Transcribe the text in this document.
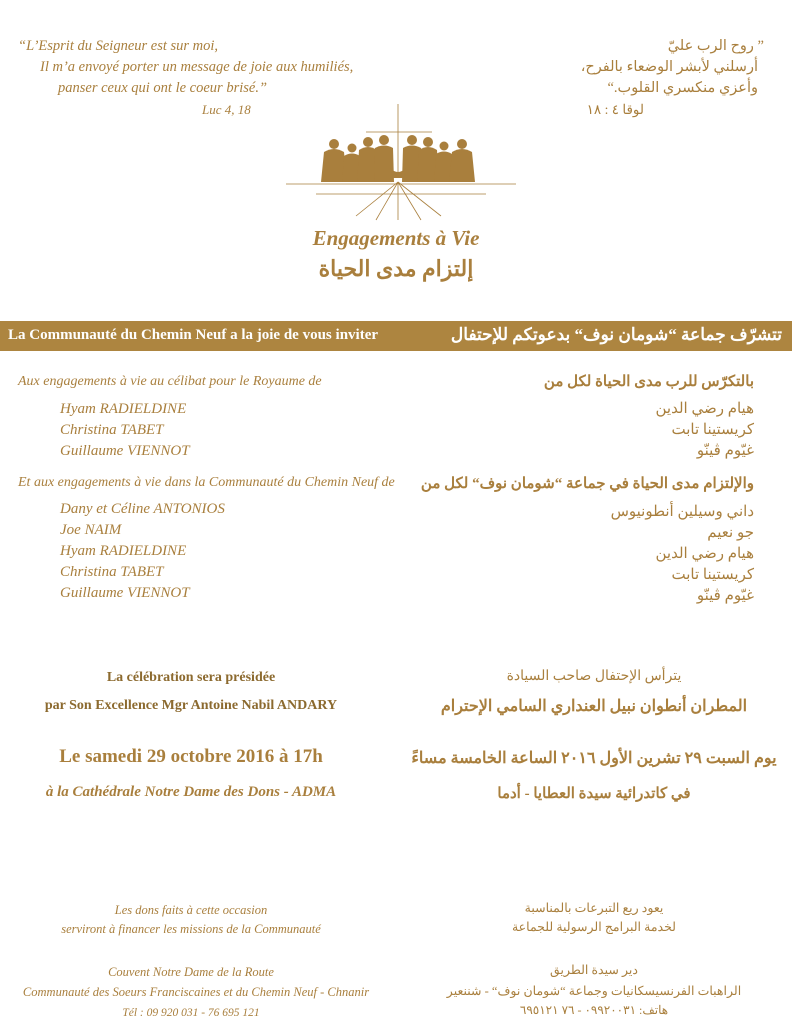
“L’Esprit du Seigneur est sur moi,
Il m’a envoyé porter un message de joie aux humiliés,
panser ceux qui ont le coeur brisé.”
Luc 4, 18
” روح الرب عليّ
أرسلني لأبشر الوضعاء بالفرح،
وأعزي منكسري القلوب.“
لوقا ٤ : ١٨
Engagements à Vie
إلتزام مدى الحياة
La Communauté du Chemin Neuf a la joie de vous inviter	تتشرّف جماعة “شومان نوف“ بدعوتكم للإحتفال
Aux engagements à vie au célibat pour le Royaume de
Hyam RADIELDINE
Christina TABET
Guillaume VIENNOT
بالتكرّس للرب مدى الحياة لكل من
هيام رضي الدين
كريستينا تابت
غيّوم ڤينّو
Et aux engagements à vie dans la Communauté du Chemin Neuf de
Dany et Céline ANTONIOS
Joe NAIM
Hyam RADIELDINE
Christina TABET
Guillaume VIENNOT
والإلتزام مدى الحياة في جماعة “شومان نوف“ لكل من
داني وسيلين أنطونيوس
جو نعيم
هيام رضي الدين
كريستينا تابت
غيّوم ڤينّو
La célébration sera présidée
par Son Excellence Mgr Antoine Nabil ANDARY
يترأس الإحتفال صاحب السيادة
المطران أنطوان نبيل العنداري السامي الإحترام
Le samedi 29 octobre 2016 à 17h	يوم السبت ٢٩ تشرين الأول ٢٠١٦ الساعة الخامسة مساءً
à la Cathédrale Notre Dame des Dons - ADMA	في كاتدرائية سيدة العطايا - أدما
Les dons faits à cette occasion
serviront à financer les missions de la Communauté
يعود ريع التبرعات بالمناسبة
لخدمة البرامج الرسولية للجماعة
Couvent Notre Dame de la Route
Communauté des Soeurs Franciscaines et du Chemin Neuf - Chnanir
Tél : 09 920 031 - 76 695 121
دير سيدة الطريق
الراهبات الفرنسيسكانيات وجماعة “شومان نوف“ - شننعير
هاتف: ٠٩٩٢٠٠٣١ - ٧٦ ٦٩٥١٢١
